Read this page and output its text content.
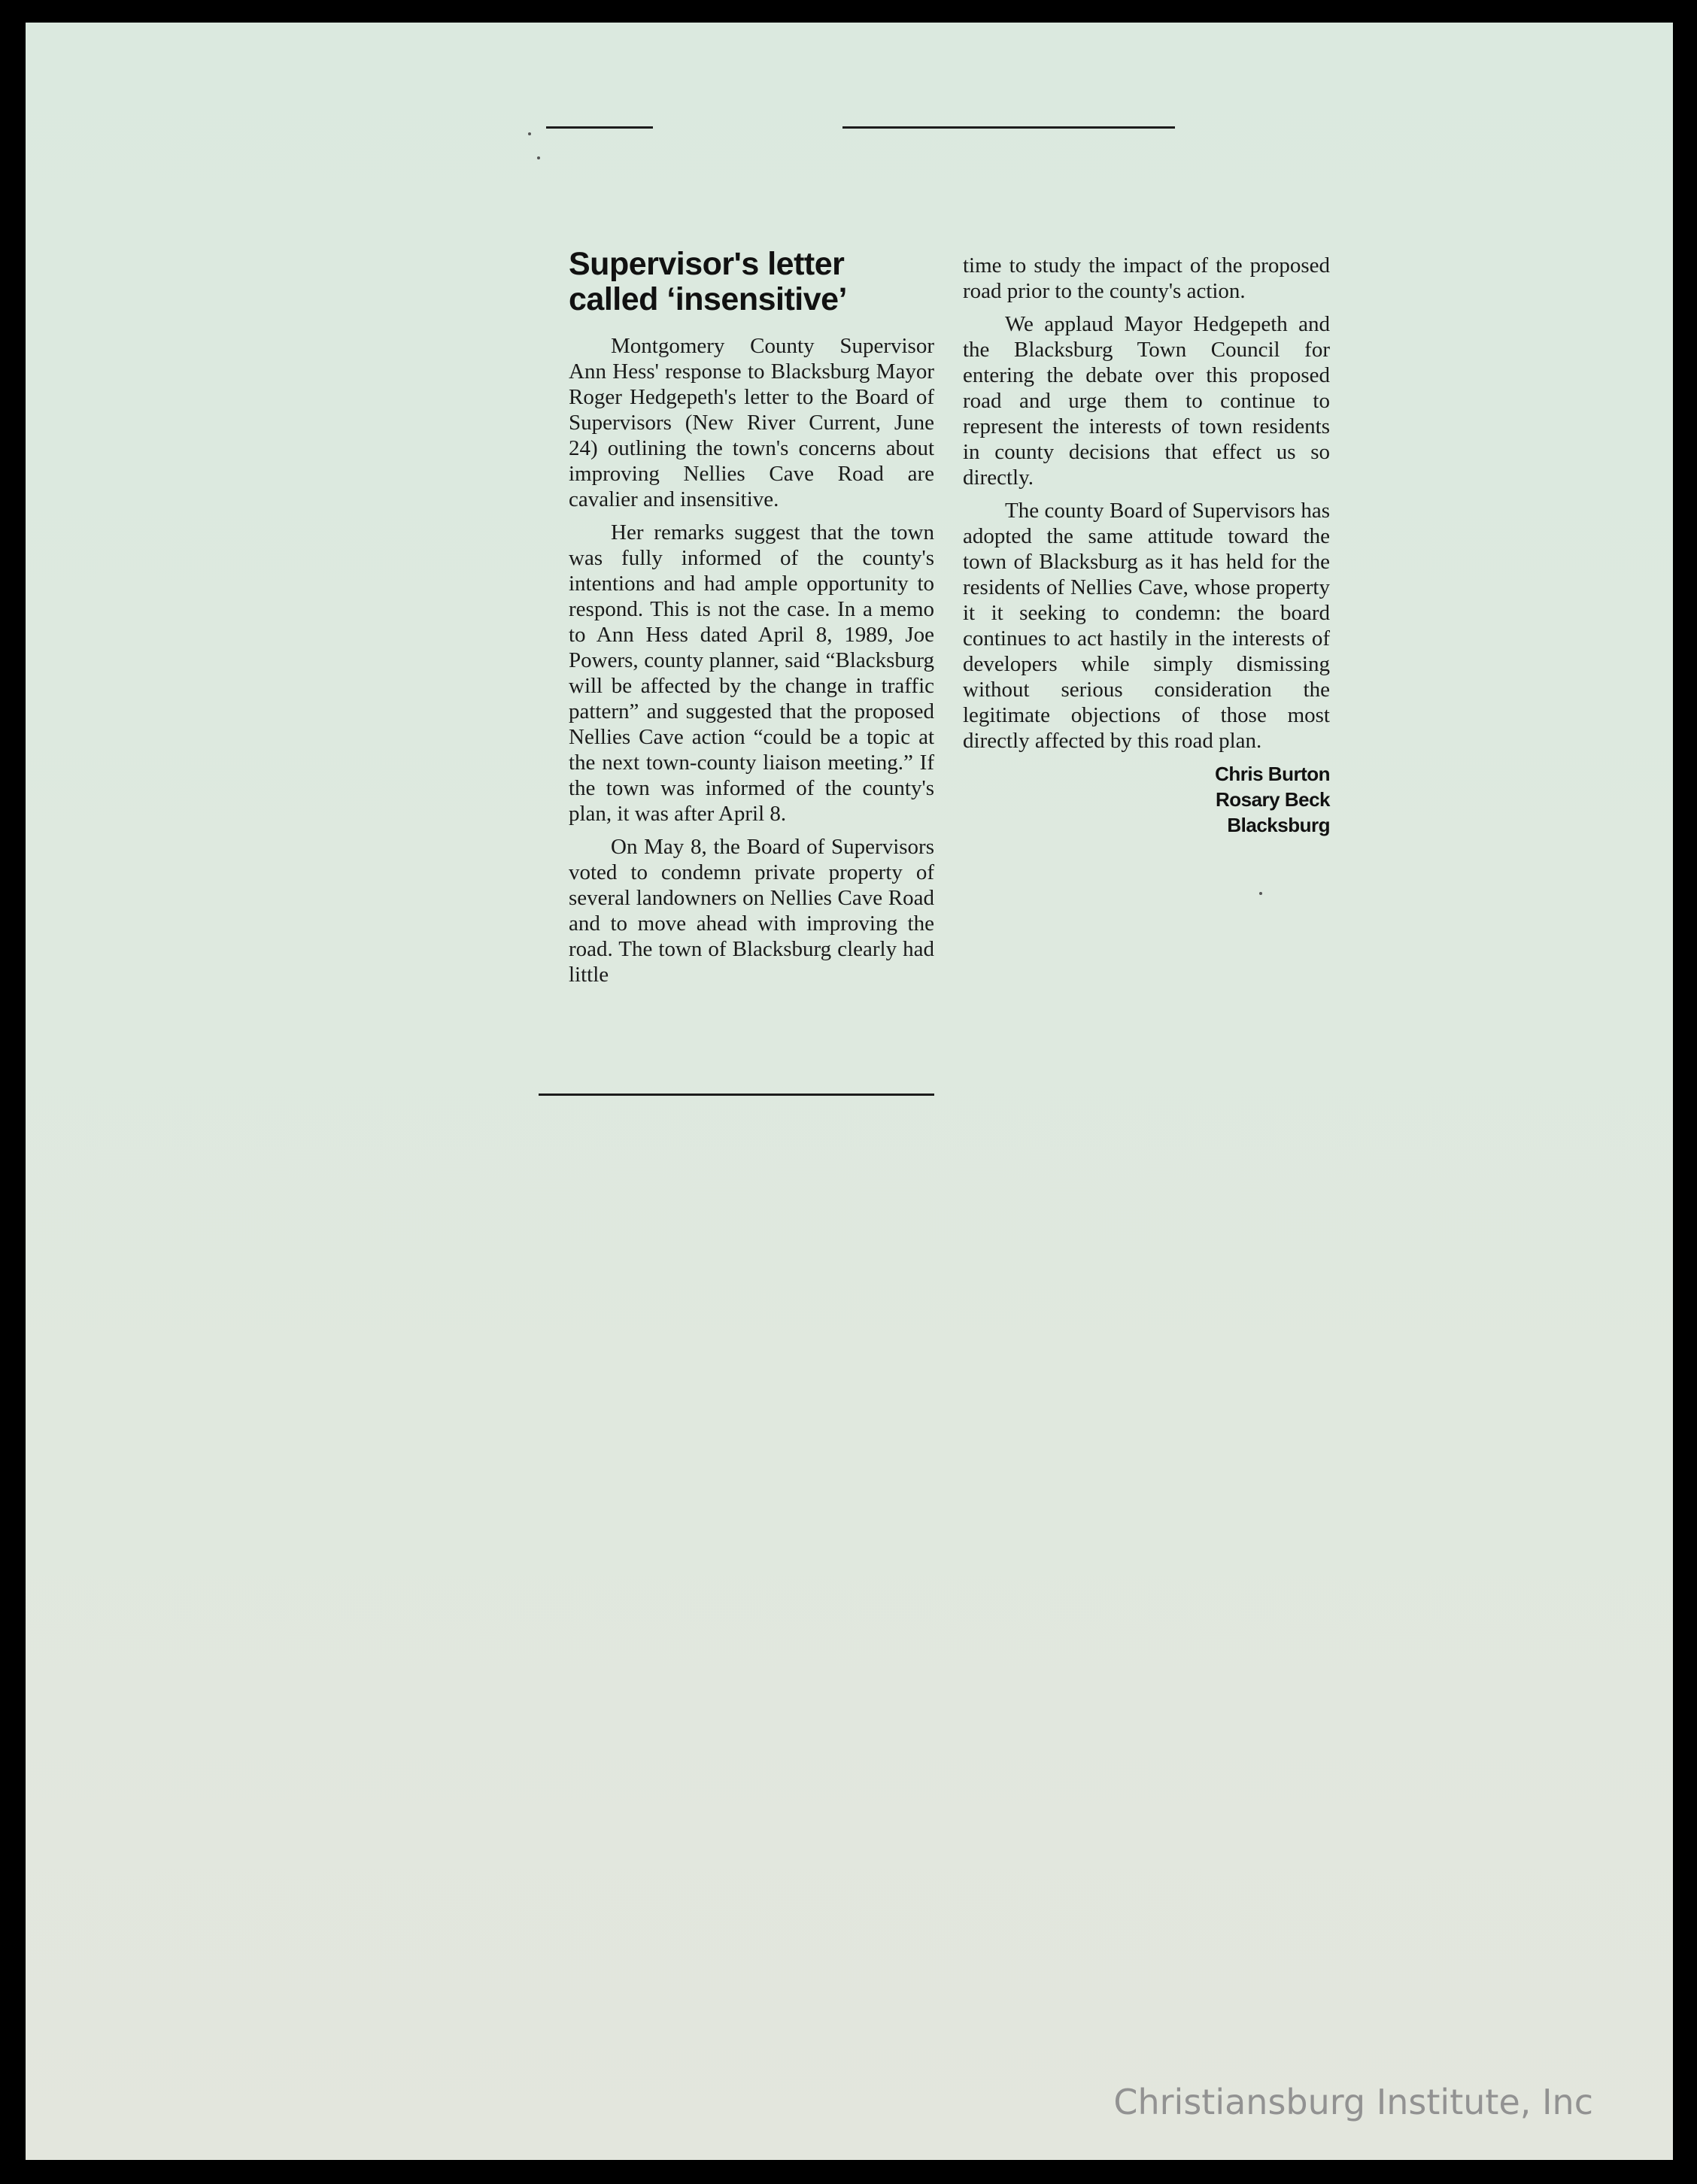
Supervisor's letter
called ‘insensitive’

Montgomery County Supervisor Ann Hess' response to Blacksburg Mayor Roger Hedgepeth's letter to the Board of Supervisors (New River Current, June 24) outlining the town's concerns about improving Nellies Cave Road are cavalier and insensitive.

Her remarks suggest that the town was fully informed of the county's intentions and had ample opportunity to respond. This is not the case. In a memo to Ann Hess dated April 8, 1989, Joe Powers, county planner, said “Blacksburg will be affected by the change in traffic pattern” and suggested that the proposed Nellies Cave action “could be a topic at the next town-county liaison meeting.” If the town was informed of the county's plan, it was after April 8.

On May 8, the Board of Supervisors voted to condemn private property of several landowners on Nellies Cave Road and to move ahead with improving the road. The town of Blacksburg clearly had little

time to study the impact of the proposed road prior to the county's action.

We applaud Mayor Hedgepeth and the Blacksburg Town Council for entering the debate over this proposed road and urge them to continue to represent the interests of town residents in county decisions that effect us so directly.

The county Board of Supervisors has adopted the same attitude toward the town of Blacksburg as it has held for the residents of Nellies Cave, whose property it it seeking to condemn: the board continues to act hastily in the interests of developers while simply dismissing without serious consideration the legitimate objections of those most directly affected by this road plan.

Chris Burton
Rosary Beck
Blacksburg
Christiansburg Institute, Inc
